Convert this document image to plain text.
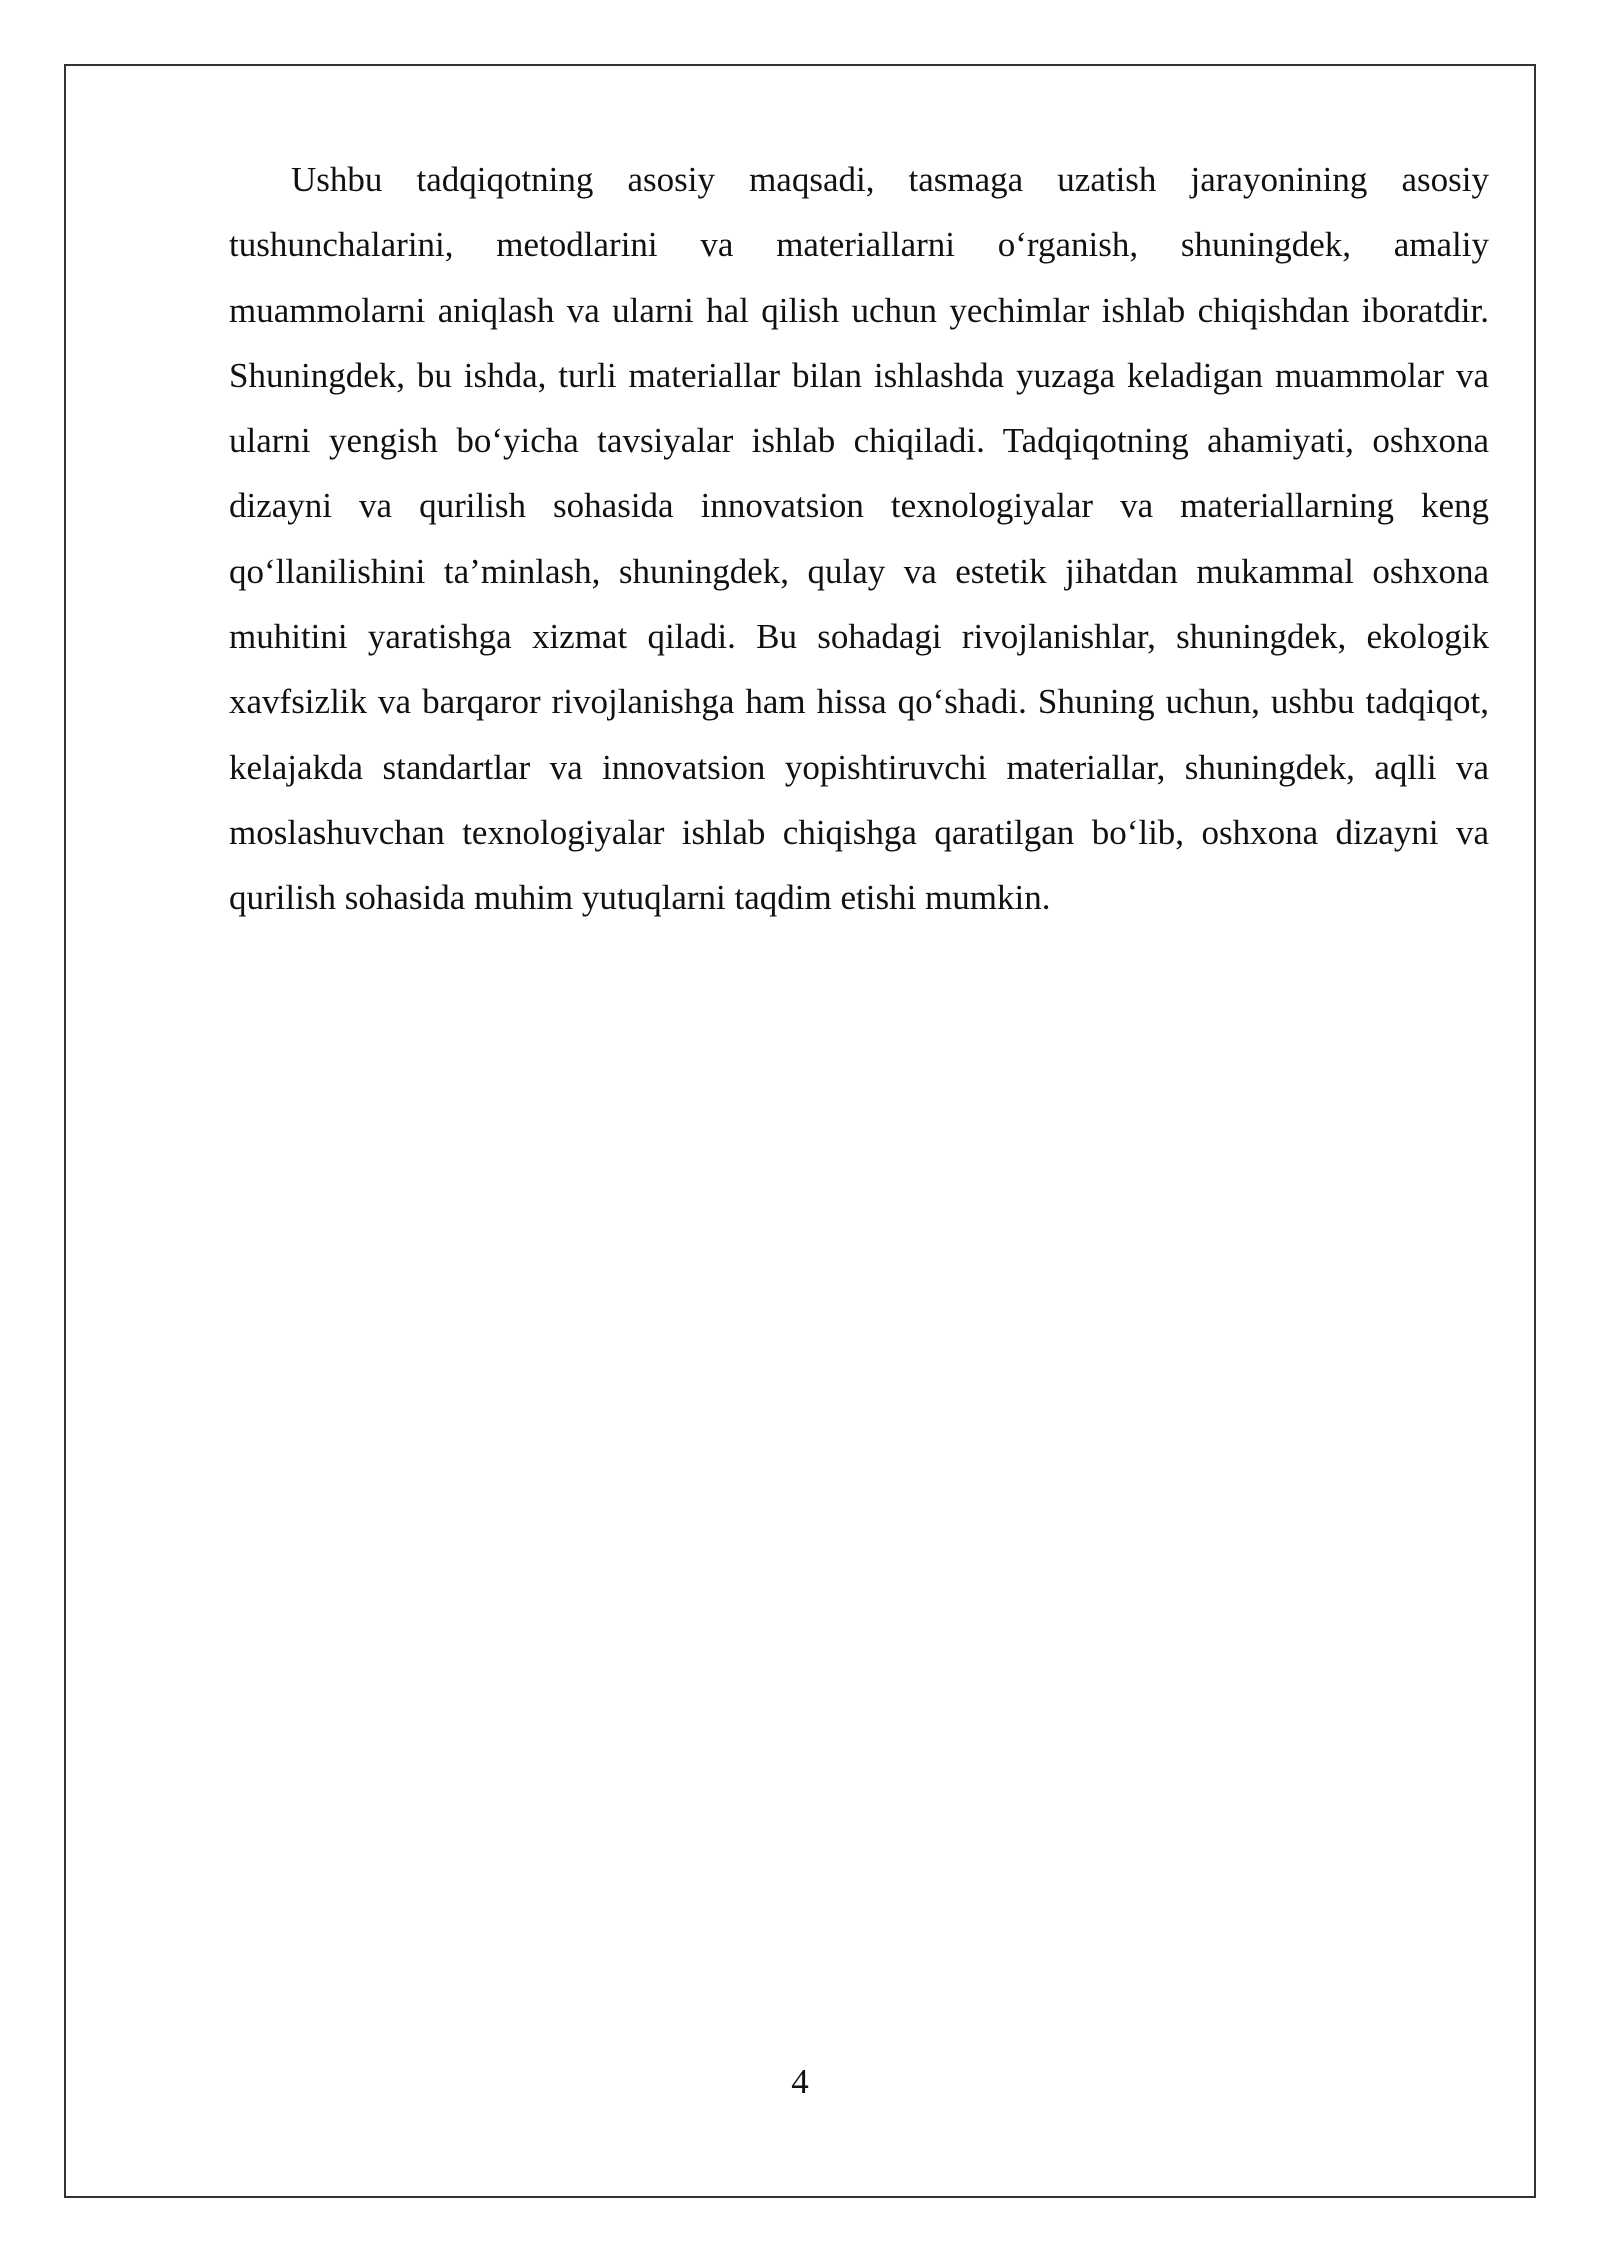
Ushbu tadqiqotning asosiy maqsadi, tasmaga uzatish jarayonining asosiy tushunchalarini, metodlarini va materiallarni o‘rganish, shuningdek, amaliy muammolarni aniqlash va ularni hal qilish uchun yechimlar ishlab chiqishdan iboratdir. Shuningdek, bu ishda, turli materiallar bilan ishlashda yuzaga keladigan muammolar va ularni yengish bo‘yicha tavsiyalar ishlab chiqiladi. Tadqiqotning ahamiyati, oshxona dizayni va qurilish sohasida innovatsion texnologiyalar va materiallarning keng qo‘llanilishini ta’minlash, shuningdek, qulay va estetik jihatdan mukammal oshxona muhitini yaratishga xizmat qiladi. Bu sohadagi rivojlanishlar, shuningdek, ekologik xavfsizlik va barqaror rivojlanishga ham hissa qo‘shadi. Shuning uchun, ushbu tadqiqot, kelajakda standartlar va innovatsion yopishtiruvchi materiallar, shuningdek, aqlli va moslashuvchan texnologiyalar ishlab chiqishga qaratilgan bo‘lib, oshxona dizayni va qurilish sohasida muhim yutuqlarni taqdim etishi mumkin.

4
